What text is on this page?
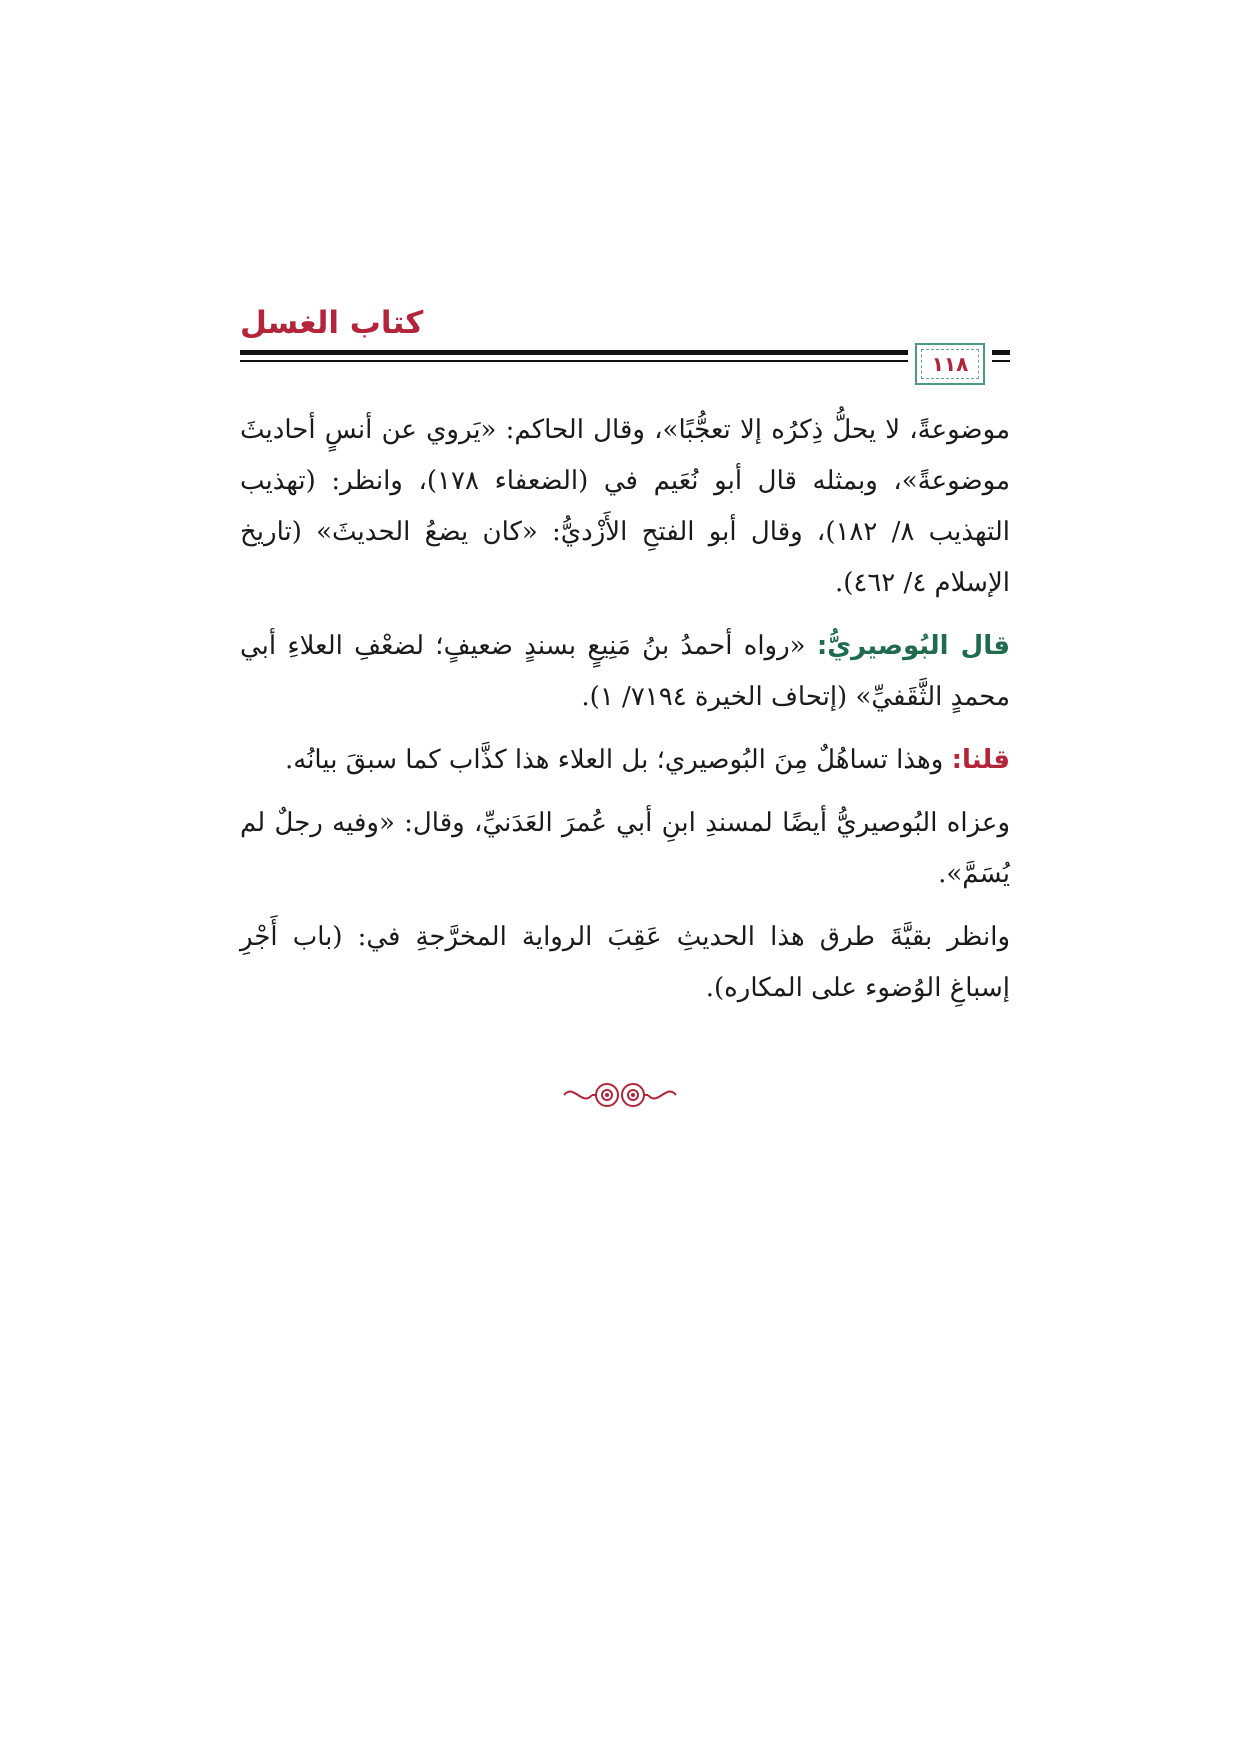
كتاب الغسل
١١٨

موضوعةً، لا يحلُّ ذِكرُه إلا تعجُّبًا»، وقال الحاكم: «يَروي عن أنسٍ أحاديثَ موضوعةً»، وبمثله قال أبو نُعَيم في (الضعفاء ١٧٨)، وانظر: (تهذيب التهذيب ٨/ ١٨٢)، وقال أبو الفتحِ الأَزْديُّ: «كان يضعُ الحديثَ» (تاريخ الإسلام ٤/ ٤٦٢).

قال البُوصيريُّ: «رواه أحمدُ بنُ مَنِيعٍ بسندٍ ضعيفٍ؛ لضعْفِ العلاءِ أبي محمدٍ الثَّقَفيِّ» (إتحاف الخيرة ٧١٩٤/ ١).

قلنا: وهذا تساهُلٌ مِنَ البُوصيري؛ بل العلاء هذا كذَّاب كما سبقَ بيانُه.

وعزاه البُوصيريُّ أيضًا لمسندِ ابنِ أبي عُمرَ العَدَنيِّ، وقال: «وفيه رجلٌ لم يُسَمَّ».

وانظر بقيَّةَ طرق هذا الحديثِ عَقِبَ الرواية المخرَّجةِ في: (باب أَجْرِ إسباغِ الوُضوء على المكاره).
